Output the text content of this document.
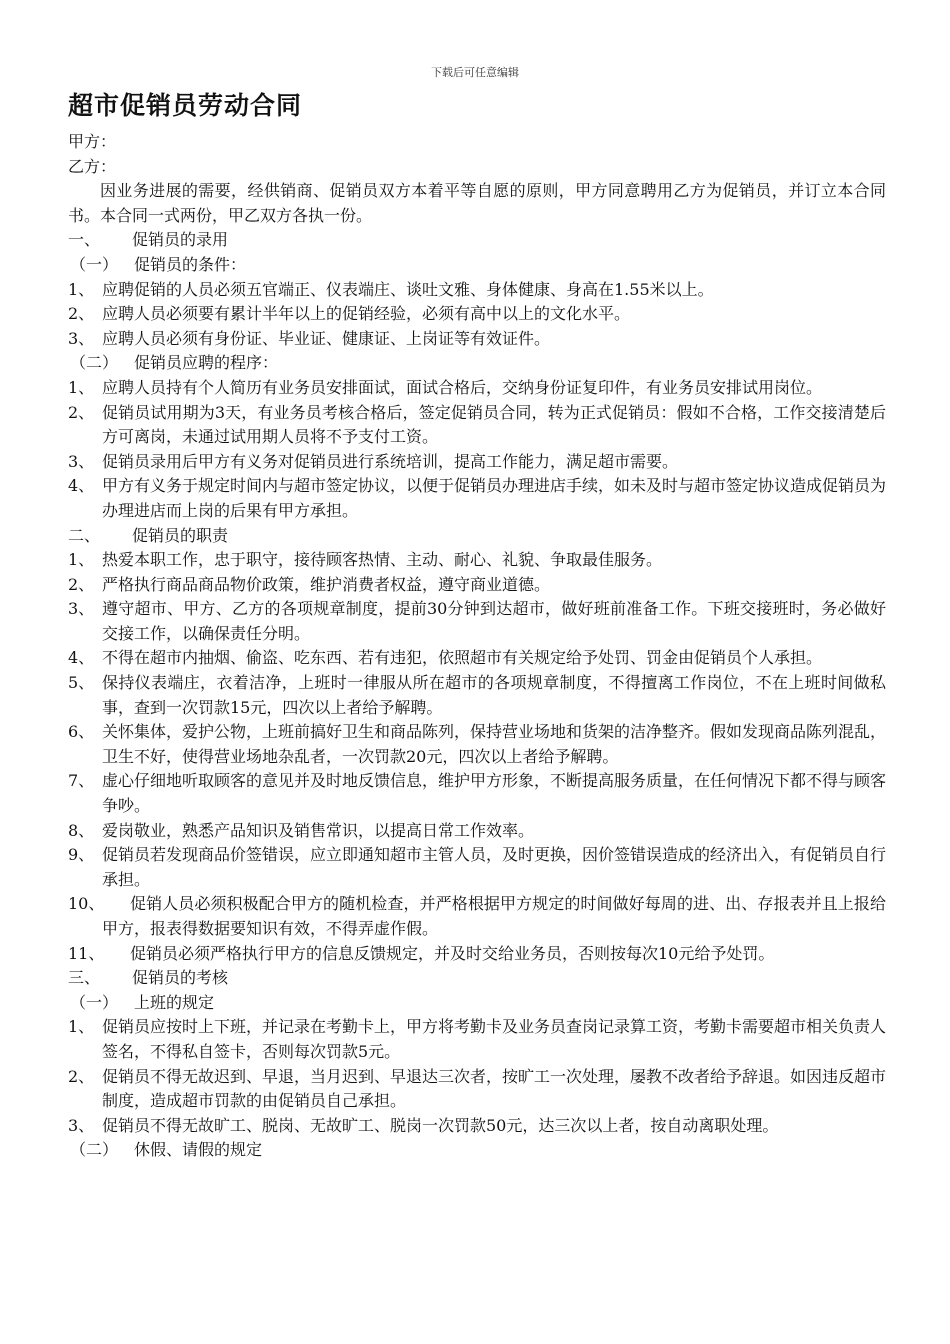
下载后可任意编辑
超市促销员劳动合同
甲方：
乙方：
因业务进展的需要，经供销商、促销员双方本着平等自愿的原则，甲方同意聘用乙方为促销员，并订立本合同书。本合同一式两份，甲乙双方各执一份。
一、	促销员的录用
（一） 促销员的条件：
1、 应聘促销的人员必须五官端正、仪表端庄、谈吐文雅、身体健康、身高在1.55米以上。
2、 应聘人员必须要有累计半年以上的促销经验，必须有高中以上的文化水平。
3、 应聘人员必须有身份证、毕业证、健康证、上岗证等有效证件。
（二） 促销员应聘的程序：
1、 应聘人员持有个人简历有业务员安排面试，面试合格后，交纳身份证复印件，有业务员安排试用岗位。
2、 促销员试用期为3天，有业务员考核合格后，签定促销员合同，转为正式促销员：假如不合格，工作交接清楚后方可离岗，未通过试用期人员将不予支付工资。
3、 促销员录用后甲方有义务对促销员进行系统培训，提高工作能力，满足超市需要。
4、 甲方有义务于规定时间内与超市签定协议，以便于促销员办理进店手续，如未及时与超市签定协议造成促销员为办理进店而上岗的后果有甲方承担。
二、	促销员的职责
1、 热爱本职工作，忠于职守，接待顾客热情、主动、耐心、礼貌、争取最佳服务。
2、 严格执行商品商品物价政策，维护消费者权益，遵守商业道德。
3、 遵守超市、甲方、乙方的各项规章制度，提前30分钟到达超市，做好班前准备工作。下班交接班时，务必做好交接工作，以确保责任分明。
4、 不得在超市内抽烟、偷盗、吃东西、若有违犯，依照超市有关规定给予处罚、罚金由促销员个人承担。
5、 保持仪表端庄，衣着洁净，上班时一律服从所在超市的各项规章制度，不得擅离工作岗位，不在上班时间做私事，查到一次罚款15元，四次以上者给予解聘。
6、 关怀集体，爱护公物，上班前搞好卫生和商品陈列，保持营业场地和货架的洁净整齐。假如发现商品陈列混乱，卫生不好，使得营业场地杂乱者，一次罚款20元，四次以上者给予解聘。
7、 虚心仔细地听取顾客的意见并及时地反馈信息，维护甲方形象，不断提高服务质量，在任何情况下都不得与顾客争吵。
8、 爱岗敬业，熟悉产品知识及销售常识，以提高日常工作效率。
9、 促销员若发现商品价签错误，应立即通知超市主管人员，及时更换，因价签错误造成的经济出入，有促销员自行承担。
10、	促销人员必须积极配合甲方的随机检查，并严格根据甲方规定的时间做好每周的进、出、存报表并且上报给甲方，报表得数据要知识有效，不得弄虚作假。
11、	促销员必须严格执行甲方的信息反馈规定，并及时交给业务员，否则按每次10元给予处罚。
三、	促销员的考核
（一） 上班的规定
1、 促销员应按时上下班，并记录在考勤卡上，甲方将考勤卡及业务员查岗记录算工资，考勤卡需要超市相关负责人签名，不得私自签卡，否则每次罚款5元。
2、 促销员不得无故迟到、早退，当月迟到、早退达三次者，按旷工一次处理，屡教不改者给予辞退。如因违反超市制度，造成超市罚款的由促销员自己承担。
3、 促销员不得无故旷工、脱岗、无故旷工、脱岗一次罚款50元，达三次以上者，按自动离职处理。
（二） 休假、请假的规定
